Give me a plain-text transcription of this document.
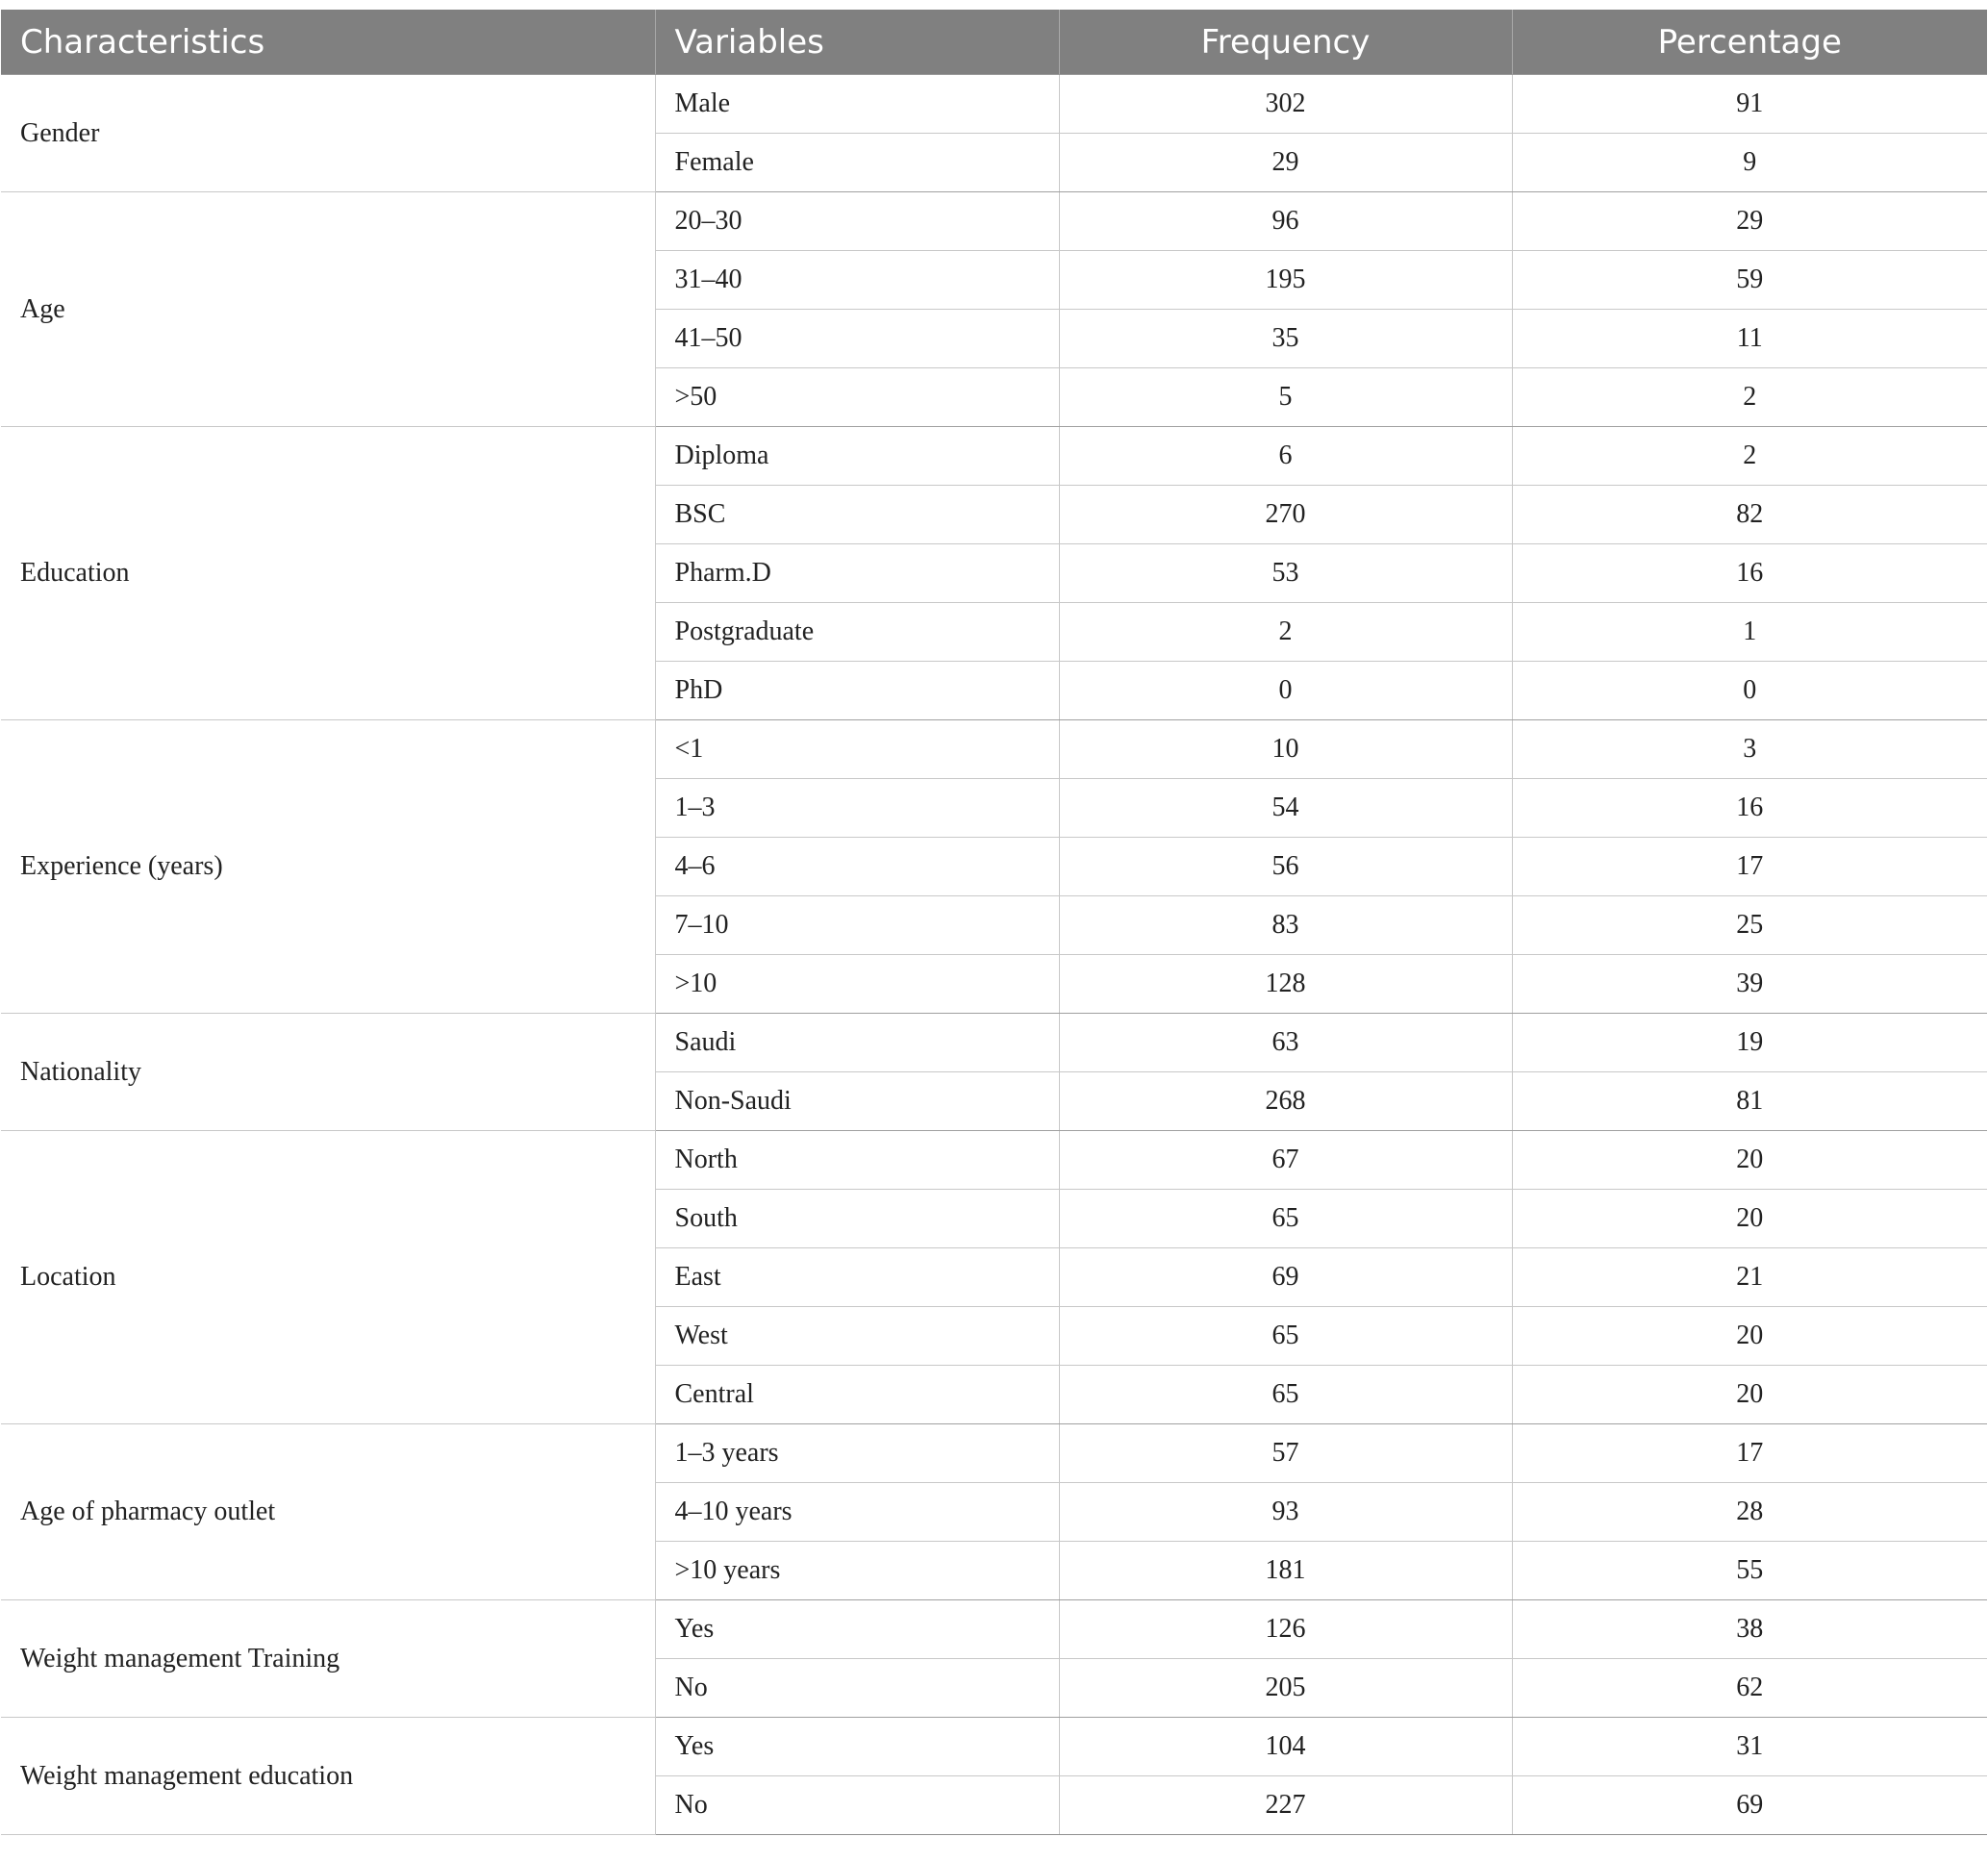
Characteristics	Variables	Frequency	Percentage
Gender	Male	302	91
	Female	29	9
Age	20–30	96	29
	31–40	195	59
	41–50	35	11
	>50	5	2
Education	Diploma	6	2
	BSC	270	82
	Pharm.D	53	16
	Postgraduate	2	1
	PhD	0	0
Experience (years)	<1	10	3
	1–3	54	16
	4–6	56	17
	7–10	83	25
	>10	128	39
Nationality	Saudi	63	19
	Non-Saudi	268	81
Location	North	67	20
	South	65	20
	East	69	21
	West	65	20
	Central	65	20
Age of pharmacy outlet	1–3 years	57	17
	4–10 years	93	28
	>10 years	181	55
Weight management Training	Yes	126	38
	No	205	62
Weight management education	Yes	104	31
	No	227	69
